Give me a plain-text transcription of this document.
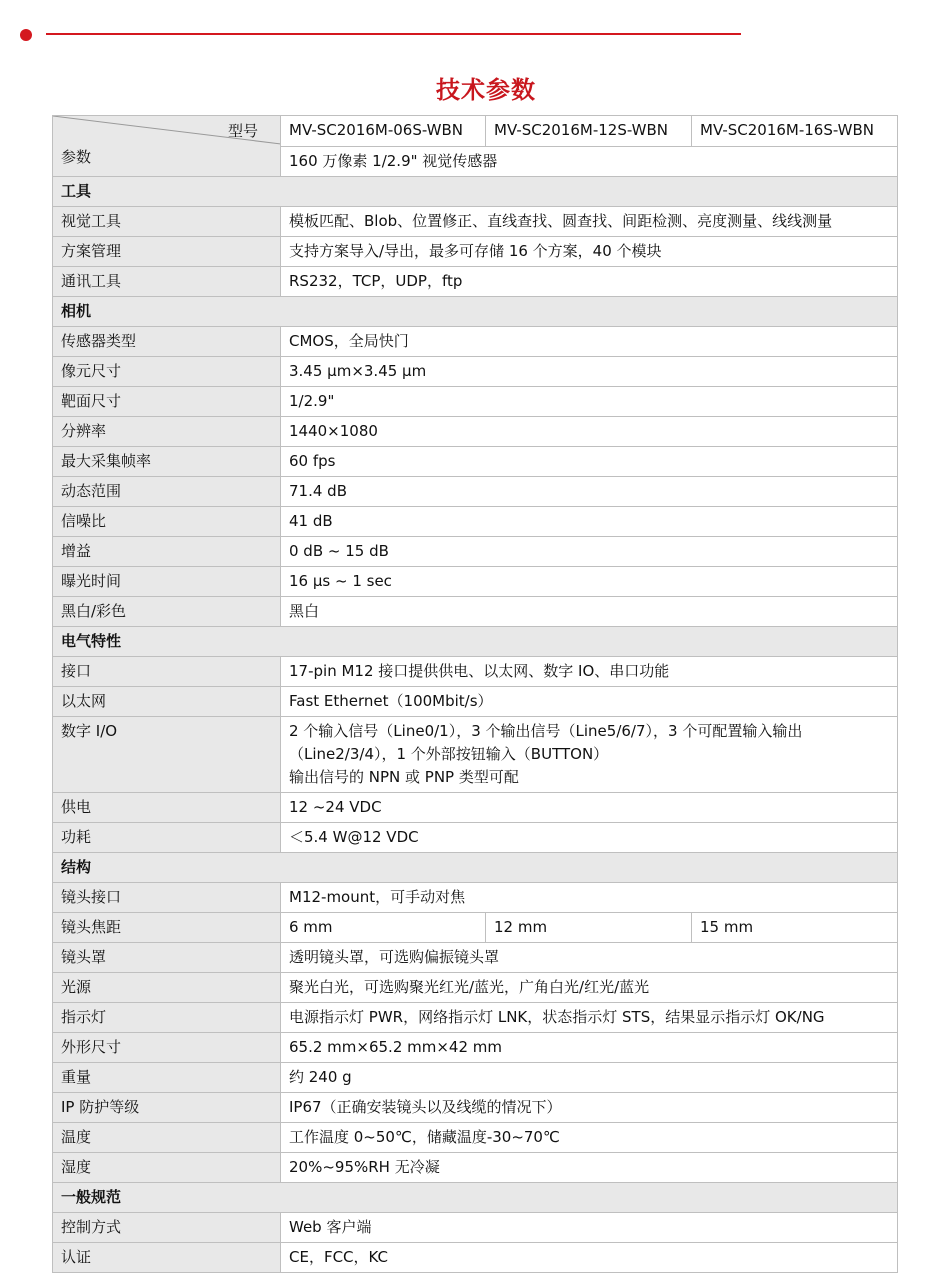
技术参数
型号
参数	MV-SC2016M-06S-WBN	MV-SC2016M-12S-WBN	MV-SC2016M-16S-WBN
	160 万像素 1/2.9" 视觉传感器		
工具			
视觉工具	模板匹配、Blob、位置修正、直线查找、圆查找、间距检测、亮度测量、线线测量		

方案管理	支持方案导入/导出，最多可存储 16 个方案，40 个模块		

通讯工具	RS232，TCP，UDP，ftp		

相机			
传感器类型	CMOS，全局快门		

像元尺寸	3.45 µm×3.45 µm		

靶面尺寸	1/2.9"		

分辨率	1440×1080		

最大采集帧率	60 fps		

动态范围	71.4 dB		

信噪比	41 dB		

增益	0 dB ~ 15 dB		

曝光时间	16 µs ~ 1 sec		

黑白/彩色	黑白		

电气特性			
接口	17-pin M12 接口提供供电、以太网、数字 IO、串口功能		

以太网	Fast Ethernet（100Mbit/s）		

数字 I/O	2 个输入信号（Line0/1），3 个输出信号（Line5/6/7），3 个可配置输入输出（Line2/3/4），1 个外部按钮输入（BUTTON）
输出信号的 NPN 或 PNP 类型可配		

供电	12 ~24 VDC		

功耗	＜5.4 W@12 VDC		

结构			
镜头接口	M12-mount，可手动对焦		

镜头焦距	6 mm	12 mm	15 mm
镜头罩	透明镜头罩，可选购偏振镜头罩		

光源	聚光白光，可选购聚光红光/蓝光，广角白光/红光/蓝光		

指示灯	电源指示灯 PWR，网络指示灯 LNK，状态指示灯 STS，结果显示指示灯 OK/NG		

外形尺寸	65.2 mm×65.2 mm×42 mm		

重量	约 240 g		

IP 防护等级	IP67（正确安装镜头以及线缆的情况下）		

温度	工作温度 0~50℃，储藏温度-30~70℃		

湿度	20%~95%RH 无冷凝		

一般规范			
控制方式	Web 客户端		

认证	CE，FCC，KC		
